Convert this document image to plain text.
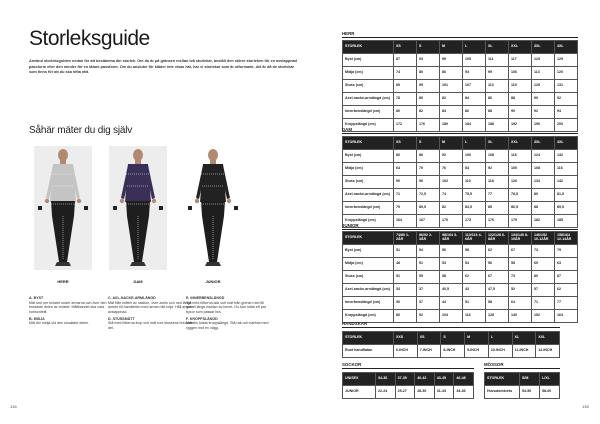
Storleksguide
Använd storleksguiden nedan för att bestämma din storlek. Om du är på gränsen mellan två storlekar, beställ den större storleken för en avslappnad passform eller den mindre för en tätare passform. Om du ansluter för kläder inte visas här, har vi storlekar som är utformade, det är då de storlekar som finns för att du ska hitta rätt.
Såhär mäter du dig själv
HERR	DAM	JUNIOR
A. BYST
Mät runt om bröstet under armarna och över den bredaste delen av bröstet. Måttbandet ska vara horisontellt.
B. MIDJA
Mät din midja vid den smalaste delen.
C. AXL-NACKE-ARMLÄNGD
Mät från mitten av nacken, över axeln och ned längs armen till handleden med armen lätt böjd. Håll armen avslappnad.
D. STUSSMÅTT
Stå med fötterna ihop och mät runt stussens bredaste del.
E. INNERBENSLÄNGD
Stå med fötterna isär och mät från grenen ned till golvet längs insidan av benet. Du kan mäta ett par byxor som passar bra.
F. KROPPSLÄNGD
Mät din totala kroppslängd. Stå rak och barfota med ryggen mot en vägg.
134
HERR
STORLEK	XS	S	M	L	XL	XXL	3XL	4XL
Byst (cm)	87	93	99	105	111	117	123	129
Midja (cm)	74	80	86	93	99	106	113	120
Stuss (cm)	89	95	101	107	113	119	125	131
Axel-nacke-armlängd (cm)	78	80	82	84	86	88	90	92
Innerbenslängd (cm)	80	82	84	86	88	90	92	94
Kroppslängd (cm)	172	176	180	184	188	192	196	200
DAM
STORLEK	XS	S	M	L	XL	XXL	3XL	4XL
Byst (cm)	80	86	92	100	108	116	124	132
Midja (cm)	64	70	76	84	92	100	108	116
Stuss (cm)	90	96	102	110	118	126	134	142
Axel-nacke-armlängd (cm)	71	72,5	74	75,5	77	78,5	80	81,5
Innerbenslängd (cm)	79	80,5	82	83,5	85	86,5	88	89,5
Kroppslängd (cm)	164	167	170	173	176	179	182	185
JUNIOR
STORLEK	74/80 1-2ÅR	86/92 2-3ÅR	98/104 3-4ÅR	110/116 4-6ÅR	122/128 6-8ÅR	134/140 8-10ÅR	146/152 10-12ÅR	158/164 12-14ÅR
Byst (cm)	51	54	56	58	62	67	73	79
Midja (cm)	48	51	53	54	56	58	60	63
Stuss (cm)	51	55	58	62	67	73	80	87
Axel-nacke-armlängd (cm)	33	37	40,5	43	47,5	52	57	62
Innerbenslängd (cm)	30	37	44	51	58	64	71	77
Kroppslängd (cm)	80	92	104	116	128	140	152	164
HANDSKAR
STORLEK	XXS	XS	S	M	L	XL	XXL
Runt handflatan	6-INCH	7-INCH	8-INCH	9-INCH	10-INCH	11-INCH	12-INCH
SOCKOR
UNISEX	34-36	37-39	40-42	43-45	46-48
JUNIOR	22-24	25-27	28-30	31-33	34-36
MÖSSOR
STORLEK	S/M	L/XL
Huvudomkrets	54-56	58-60
135
